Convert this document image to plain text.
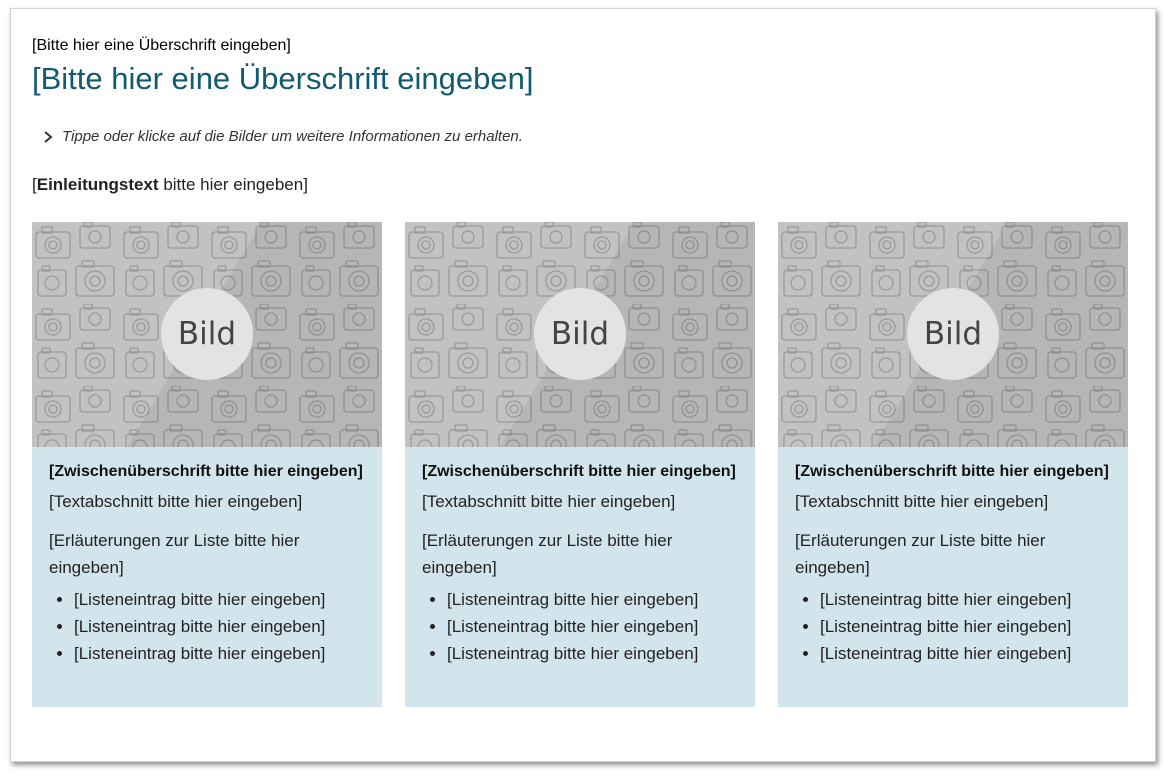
[Bitte hier eine Überschrift eingeben]
[Bitte hier eine Überschrift eingeben]
Tippe oder klicke auf die Bilder um weitere Informationen zu erhalten.
[Einleitungstext bitte hier eingeben]
Bild
[Zwischenüberschrift bitte hier eingeben]

[Textabschnitt bitte hier eingeben]

[Erläuterungen zur Liste bitte hier eingeben]

• [Listeneintrag bitte hier eingeben]
• [Listeneintrag bitte hier eingeben]
• [Listeneintrag bitte hier eingeben]
Bild
[Zwischenüberschrift bitte hier eingeben]

[Textabschnitt bitte hier eingeben]

[Erläuterungen zur Liste bitte hier eingeben]

• [Listeneintrag bitte hier eingeben]
• [Listeneintrag bitte hier eingeben]
• [Listeneintrag bitte hier eingeben]
Bild
[Zwischenüberschrift bitte hier eingeben]

[Textabschnitt bitte hier eingeben]

[Erläuterungen zur Liste bitte hier eingeben]

• [Listeneintrag bitte hier eingeben]
• [Listeneintrag bitte hier eingeben]
• [Listeneintrag bitte hier eingeben]
